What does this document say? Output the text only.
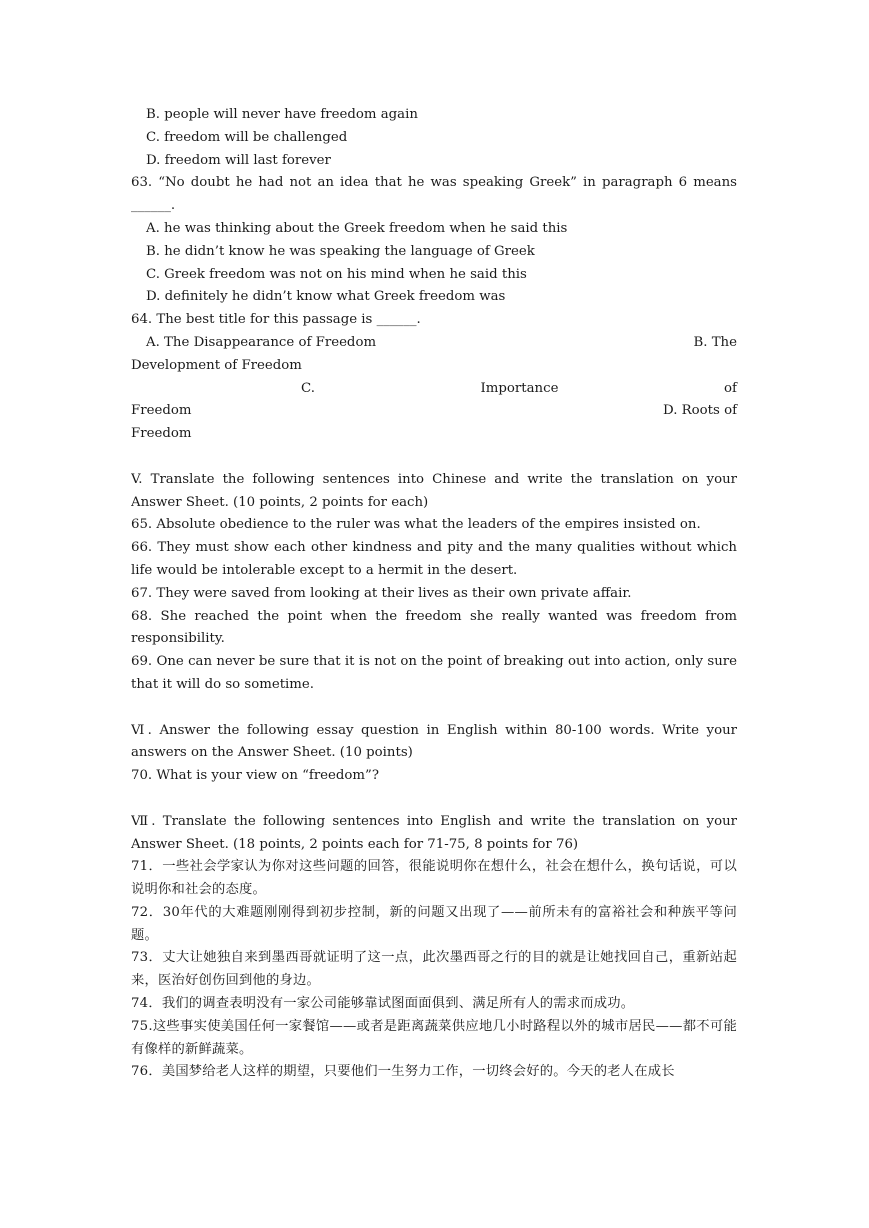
B. people will never have freedom again
C. freedom will be challenged
D. freedom will last forever
63. “No doubt he had not an idea that he was speaking Greek” in paragraph 6 means ______.
A. he was thinking about the Greek freedom when he said this
B. he didn’t know he was speaking the language of Greek
C. Greek freedom was not on his mind when he said this
D. definitely he didn’t know what Greek freedom was
64. The best title for this passage is ______.
A. The Disappearance of Freedom	B. The
Development of Freedom
C.	Importance	of
Freedom	D. Roots of
Freedom
V. Translate the following sentences into Chinese and write the translation on your Answer Sheet. (10 points, 2 points for each)
65. Absolute obedience to the ruler was what the leaders of the empires insisted on.
66. They must show each other kindness and pity and the many qualities without which life would be intolerable except to a hermit in the desert.
67. They were saved from looking at their lives as their own private affair.
68. She reached the point when the freedom she really wanted was freedom from responsibility.
69. One can never be sure that it is not on the point of breaking out into action, only sure that it will do so sometime.
Ⅵ. Answer the following essay question in English within 80-100 words. Write your answers on the Answer Sheet. (10 points)
70. What is your view on “freedom”?
Ⅶ. Translate the following sentences into English and write the translation on your Answer Sheet. (18 points, 2 points each for 71-75, 8 points for 76)
71．一些社会学家认为你对这些问题的回答，很能说明你在想什么，社会在想什么，换句话说，可以说明你和社会的态度。
72．30年代的大难题刚刚得到初步控制，新的问题又出现了——前所未有的富裕社会和种族平等问题。
73．丈大让她独自来到墨西哥就证明了这一点，此次墨西哥之行的目的就是让她找回自己，重新站起来，医治好创伤回到他的身边。
74．我们的调查表明没有一家公司能够靠试图面面俱到、满足所有人的需求而成功。
75.这些事实使美国任何一家餐馆——或者是距离蔬菜供应地几小时路程以外的城市居民——都不可能有像样的新鲜蔬菜。
76．美国梦给老人这样的期望，只要他们一生努力工作，一切终会好的。今天的老人在成长
